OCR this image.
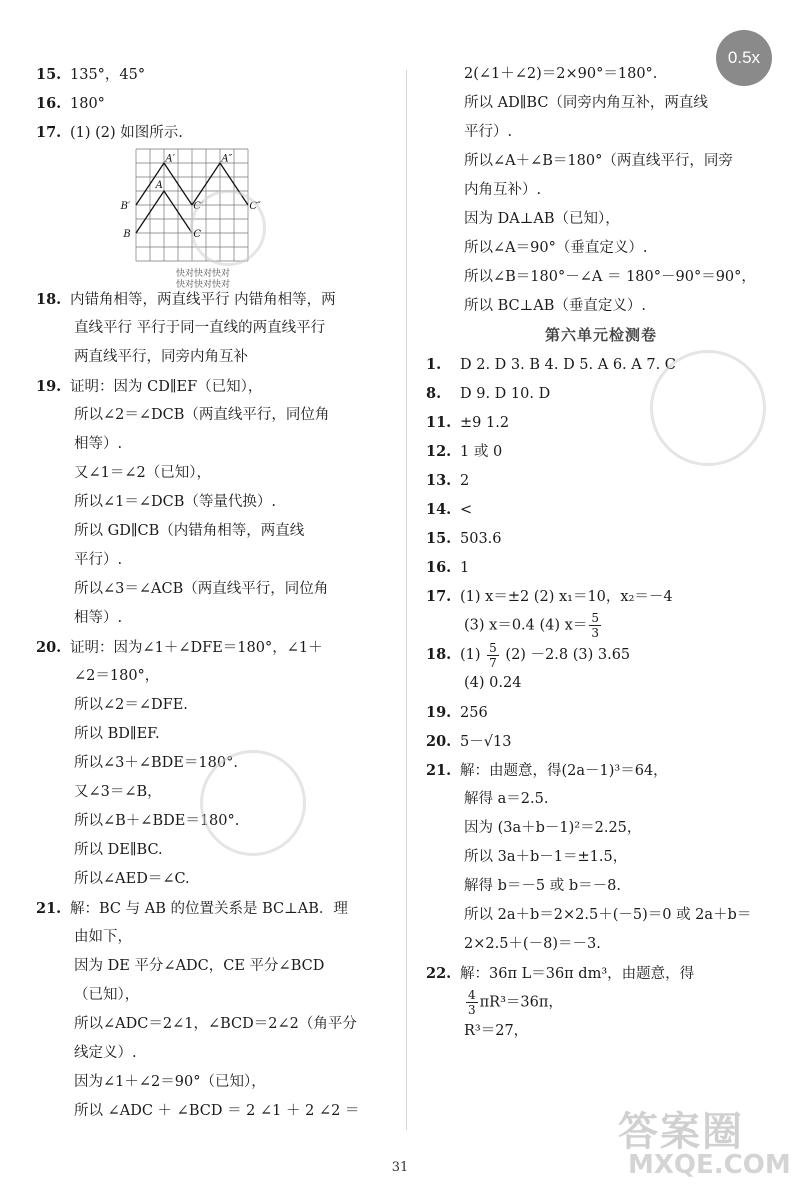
0.5x
15. 135°，45°
16. 180°
17. (1) (2) 如图所示.
A′	A″
A
B′	C′	C″
B	C
快对快对快对
快对快对快对
18. 内错角相等，两直线平行 内错角相等，两
直线平行 平行于同一直线的两直线平行
两直线平行，同旁内角互补
19. 证明：因为 CD∥EF（已知），
所以∠2＝∠DCB（两直线平行，同位角
相等）.
又∠1＝∠2（已知），
所以∠1＝∠DCB（等量代换）.
所以 GD∥CB（内错角相等，两直线
平行）.
所以∠3＝∠ACB（两直线平行，同位角
相等）.
20. 证明：因为∠1＋∠DFE＝180°，∠1＋
∠2＝180°，
所以∠2＝∠DFE.
所以 BD∥EF.
所以∠3＋∠BDE＝180°.
又∠3＝∠B，
所以∠B＋∠BDE＝180°.
所以 DE∥BC.
所以∠AED＝∠C.
21. 解：BC 与 AB 的位置关系是 BC⊥AB．理
由如下，
因为 DE 平分∠ADC，CE 平分∠BCD
（已知），
所以∠ADC＝2∠1，∠BCD＝2∠2（角平分
线定义）.
因为∠1＋∠2＝90°（已知），
所以 ∠ADC ＋ ∠BCD ＝ 2 ∠1 ＋ 2 ∠2 ＝
2(∠1＋∠2)＝2×90°＝180°.
所以 AD∥BC（同旁内角互补，两直线
平行）.
所以∠A＋∠B＝180°（两直线平行，同旁
内角互补）.
因为 DA⊥AB（已知），
所以∠A＝90°（垂直定义）.
所以∠B＝180°－∠A ＝ 180°－90°＝90°，
所以 BC⊥AB（垂直定义）.
第六单元检测卷
1. D 2. D 3. B 4. D 5. A 6. A 7. C
8. D 9. D 10. D
11. ±9 1.2
12. 1 或 0
13. 2
14. <
15. 503.6
16. 1
17. (1) x＝±2 (2) x₁＝10，x₂＝－4
(3) x＝0.4 (4) $x= \frac{5}{3}$
18. $(1) \frac{5}{7} (2) -2.8$ (3) 3.65
(4) 0.24
19. 256
20. 5－√13
21. 解：由题意，得(2a－1)³＝64，
解得 a＝2.5.
因为 (3a＋b－1)²＝2.25，
所以 3a＋b－1＝±1.5，
解得 b＝－5 或 b＝－8.
所以 2a＋b＝2×2.5＋(－5)＝0 或 2a＋b＝
2×2.5＋(－8)＝－3.
22. 解：36π L＝36π dm³，由题意，得
$\frac{4}{3} \pi R^3=36\pi$，
R³＝27，
答案圈
MXQE.COM
31
